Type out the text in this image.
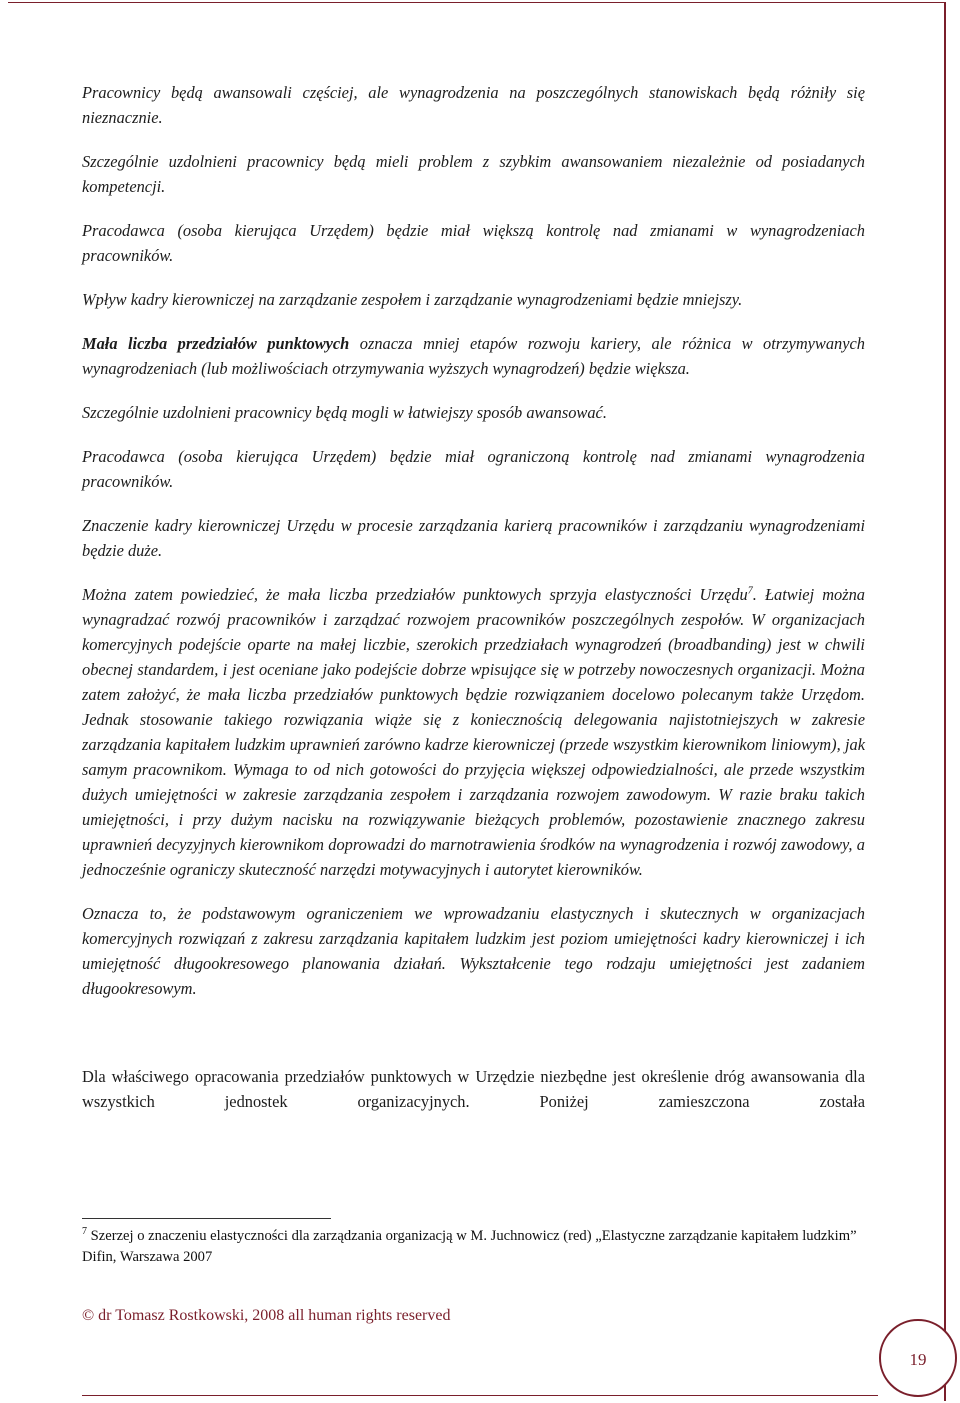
Pracownicy będą awansowali częściej, ale wynagrodzenia na poszczególnych stanowiskach będą różniły się nieznacznie.

Szczególnie uzdolnieni pracownicy będą mieli problem z szybkim awansowaniem niezależnie od posiadanych kompetencji.

Pracodawca (osoba kierująca Urzędem) będzie miał większą kontrolę nad zmianami w wynagrodzeniach pracowników.

Wpływ kadry kierowniczej na zarządzanie zespołem i zarządzanie wynagrodzeniami będzie mniejszy.

Mała liczba przedziałów punktowych oznacza mniej etapów rozwoju kariery, ale różnica w otrzymywanych wynagrodzeniach (lub możliwościach otrzymywania wyższych wynagrodzeń) będzie większa.

Szczególnie uzdolnieni pracownicy będą mogli w łatwiejszy sposób awansować.

Pracodawca (osoba kierująca Urzędem) będzie miał ograniczoną kontrolę nad zmianami wynagrodzenia pracowników.

Znaczenie kadry kierowniczej Urzędu w procesie zarządzania karierą pracowników i zarządzaniu wynagrodzeniami będzie duże.

Można zatem powiedzieć, że mała liczba przedziałów punktowych sprzyja elastyczności Urzędu$^7$. Łatwiej można wynagradzać rozwój pracowników i zarządzać rozwojem pracowników poszczególnych zespołów. W organizacjach komercyjnych podejście oparte na małej liczbie, szerokich przedziałach wynagrodzeń (broadbanding) jest w chwili obecnej standardem, i jest oceniane jako podejście dobrze wpisujące się w potrzeby nowoczesnych organizacji. Można zatem założyć, że mała liczba przedziałów punktowych będzie rozwiązaniem docelowo polecanym także Urzędom. Jednak stosowanie takiego rozwiązania wiąże się z koniecznością delegowania najistotniejszych w zakresie zarządzania kapitałem ludzkim uprawnień zarówno kadrze kierowniczej (przede wszystkim kierownikom liniowym), jak samym pracownikom. Wymaga to od nich gotowości do przyjęcia większej odpowiedzialności, ale przede wszystkim dużych umiejętności w zakresie zarządzania zespołem i zarządzania rozwojem zawodowym. W razie braku takich umiejętności, i przy dużym nacisku na rozwiązywanie bieżących problemów, pozostawienie znacznego zakresu uprawnień decyzyjnych kierownikom doprowadzi do marnotrawienia środków na wynagrodzenia i rozwój zawodowy, a jednocześnie ograniczy skuteczność narzędzi motywacyjnych i autorytet kierowników.

Oznacza to, że podstawowym ograniczeniem we wprowadzaniu elastycznych i skutecznych w organizacjach komercyjnych rozwiązań z zakresu zarządzania kapitałem ludzkim jest poziom umiejętności kadry kierowniczej i ich umiejętność długookresowego planowania działań. Wykształcenie tego rodzaju umiejętności jest zadaniem długookresowym.

Dla właściwego opracowania przedziałów punktowych w Urzędzie niezbędne jest określenie dróg awansowania dla wszystkich jednostek organizacyjnych. Poniżej zamieszczona została

$^7$ Szerzej o znaczeniu elastyczności dla zarządzania organizacją w M. Juchnowicz (red) „Elastyczne zarządzanie kapitałem ludzkim” Difin, Warszawa 2007
© dr Tomasz Rostkowski, 2008 all human rights reserved
19
